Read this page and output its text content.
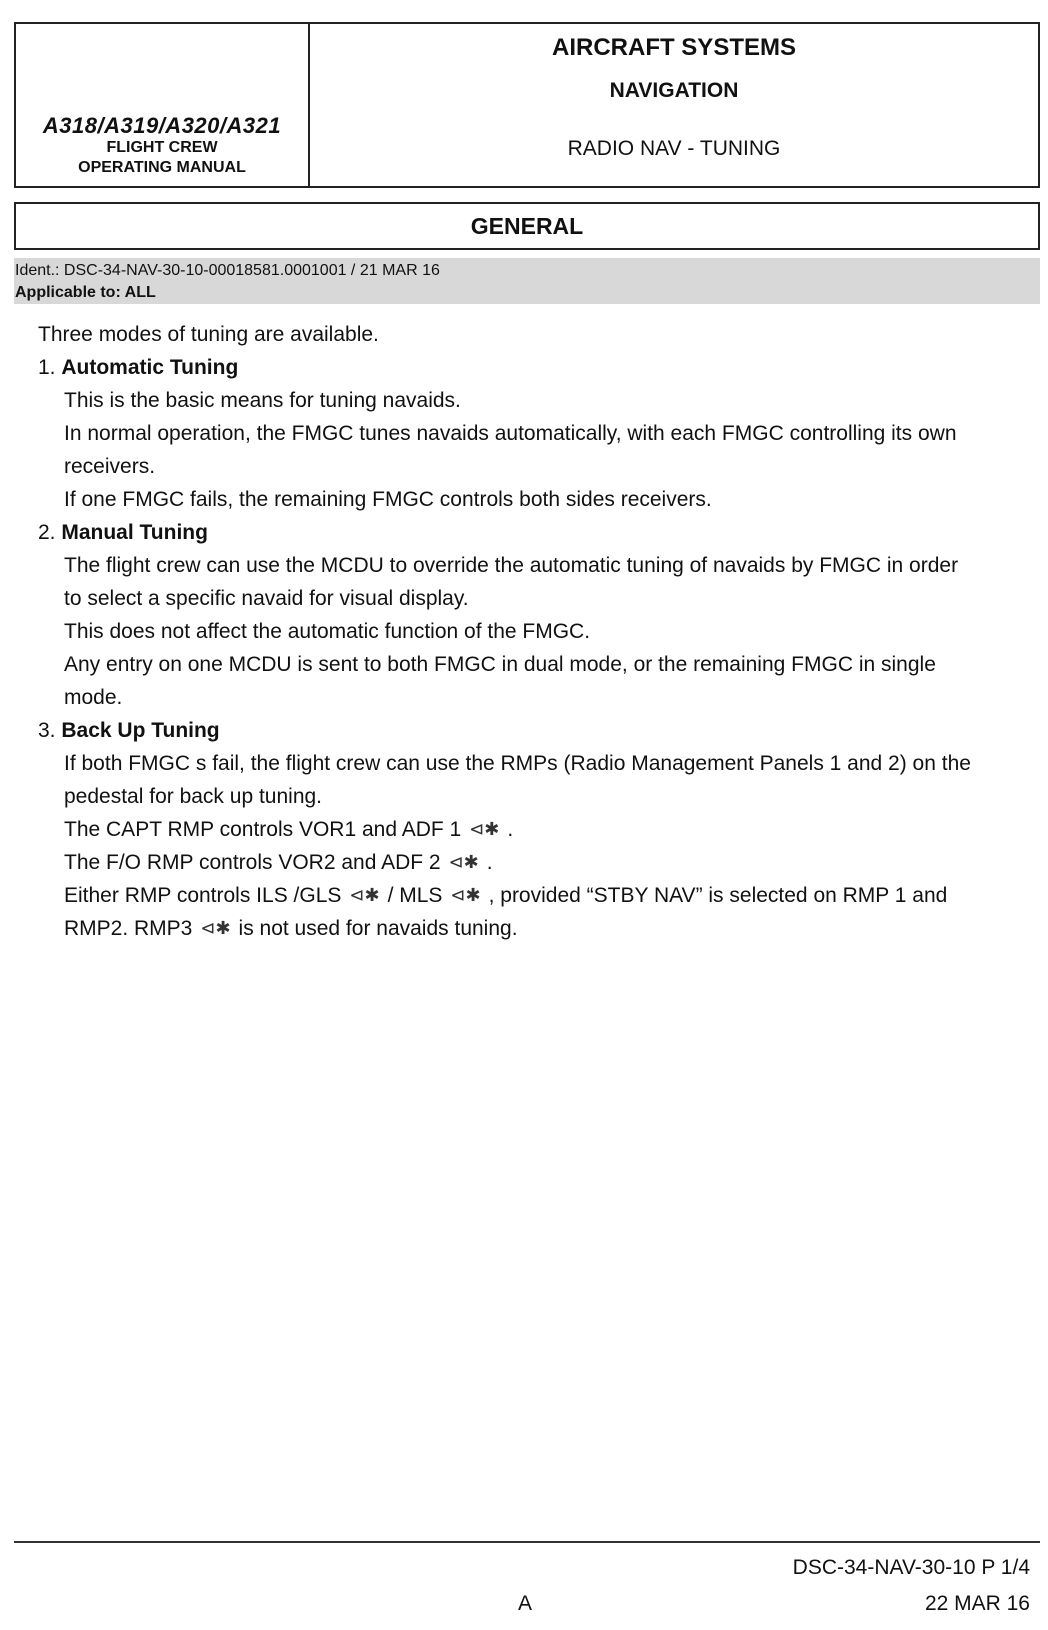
A318/A319/A320/A321
FLIGHT CREW
OPERATING MANUAL
AIRCRAFT SYSTEMS
NAVIGATION
RADIO NAV - TUNING
GENERAL
Ident.: DSC-34-NAV-30-10-00018581.0001001 / 21 MAR 16
Applicable to: ALL
Three modes of tuning are available.
1. Automatic Tuning
This is the basic means for tuning navaids.
In normal operation, the FMGC tunes navaids automatically, with each FMGC controlling its own
receivers.
If one FMGC fails, the remaining FMGC controls both sides receivers.
2. Manual Tuning
The flight crew can use the MCDU to override the automatic tuning of navaids by FMGC in order
to select a specific navaid for visual display.
This does not affect the automatic function of the FMGC.
Any entry on one MCDU is sent to both FMGC in dual mode, or the remaining FMGC in single
mode.
3. Back Up Tuning
If both FMGC s fail, the flight crew can use the RMPs (Radio Management Panels 1 and 2) on the
pedestal for back up tuning.
The CAPT RMP controls VOR1 and ADF 1 ⊲✱ .
The F/O RMP controls VOR2 and ADF 2 ⊲✱ .
Either RMP controls ILS /GLS ⊲✱ / MLS ⊲✱ , provided “STBY NAV” is selected on RMP 1 and
RMP2. RMP3 ⊲✱ is not used for navaids tuning.
DSC-34-NAV-30-10 P 1/4
A	22 MAR 16
